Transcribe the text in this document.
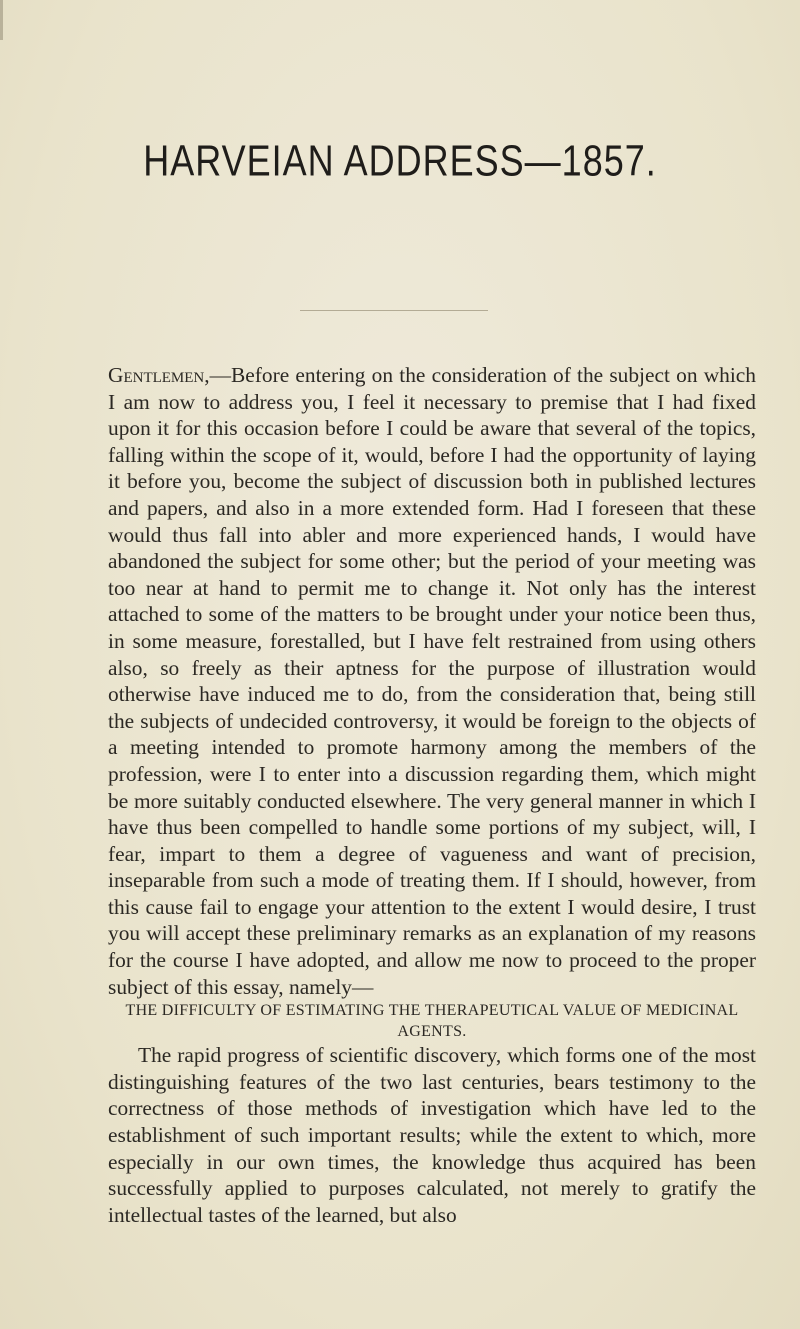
HARVEIAN ADDRESS—1857.

Gentlemen,—Before entering on the consideration of the subject on which I am now to address you, I feel it necessary to premise that I had fixed upon it for this occasion before I could be aware that several of the topics, falling within the scope of it, would, before I had the opportunity of laying it before you, become the subject of discussion both in published lectures and papers, and also in a more extended form. Had I foreseen that these would thus fall into abler and more experienced hands, I would have abandoned the subject for some other; but the period of your meeting was too near at hand to permit me to change it. Not only has the interest attached to some of the matters to be brought under your notice been thus, in some measure, forestalled, but I have felt restrained from using others also, so freely as their aptness for the purpose of illustration would otherwise have induced me to do, from the consideration that, being still the subjects of undecided controversy, it would be foreign to the objects of a meeting intended to promote harmony among the members of the profession, were I to enter into a discussion regarding them, which might be more suitably conducted elsewhere. The very general manner in which I have thus been compelled to handle some portions of my subject, will, I fear, impart to them a degree of vagueness and want of precision, inseparable from such a mode of treating them. If I should, however, from this cause fail to engage your attention to the extent I would desire, I trust you will accept these preliminary remarks as an explanation of my reasons for the course I have adopted, and allow me now to proceed to the proper subject of this essay, namely—

THE DIFFICULTY OF ESTIMATING THE THERAPEUTICAL VALUE OF MEDICINAL AGENTS.

The rapid progress of scientific discovery, which forms one of the most distinguishing features of the two last centuries, bears testimony to the correctness of those methods of investigation which have led to the establishment of such important results; while the extent to which, more especially in our own times, the knowledge thus acquired has been successfully applied to purposes calculated, not merely to gratify the intellectual tastes of the learned, but also
